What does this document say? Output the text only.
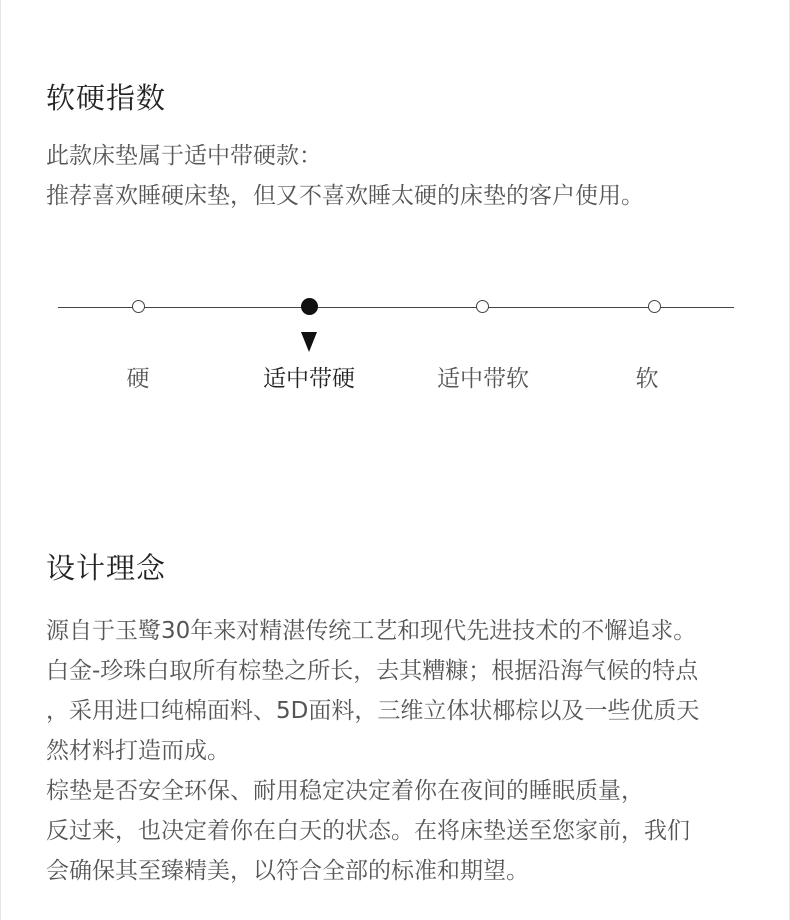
软硬指数
此款床垫属于适中带硬款：
推荐喜欢睡硬床垫，但又不喜欢睡太硬的床垫的客户使用。
硬	适中带硬	适中带软	软
设计理念
源自于玉鹭30年来对精湛传统工艺和现代先进技术的不懈追求。
白金-珍珠白取所有棕垫之所长，去其糟糠；根据沿海气候的特点
，采用进口纯棉面料、5D面料，三维立体状椰棕以及一些优质天
然材料打造而成。
棕垫是否安全环保、耐用稳定决定着你在夜间的睡眠质量，
反过来，也决定着你在白天的状态。在将床垫送至您家前，我们
会确保其至臻精美，以符合全部的标准和期望。
